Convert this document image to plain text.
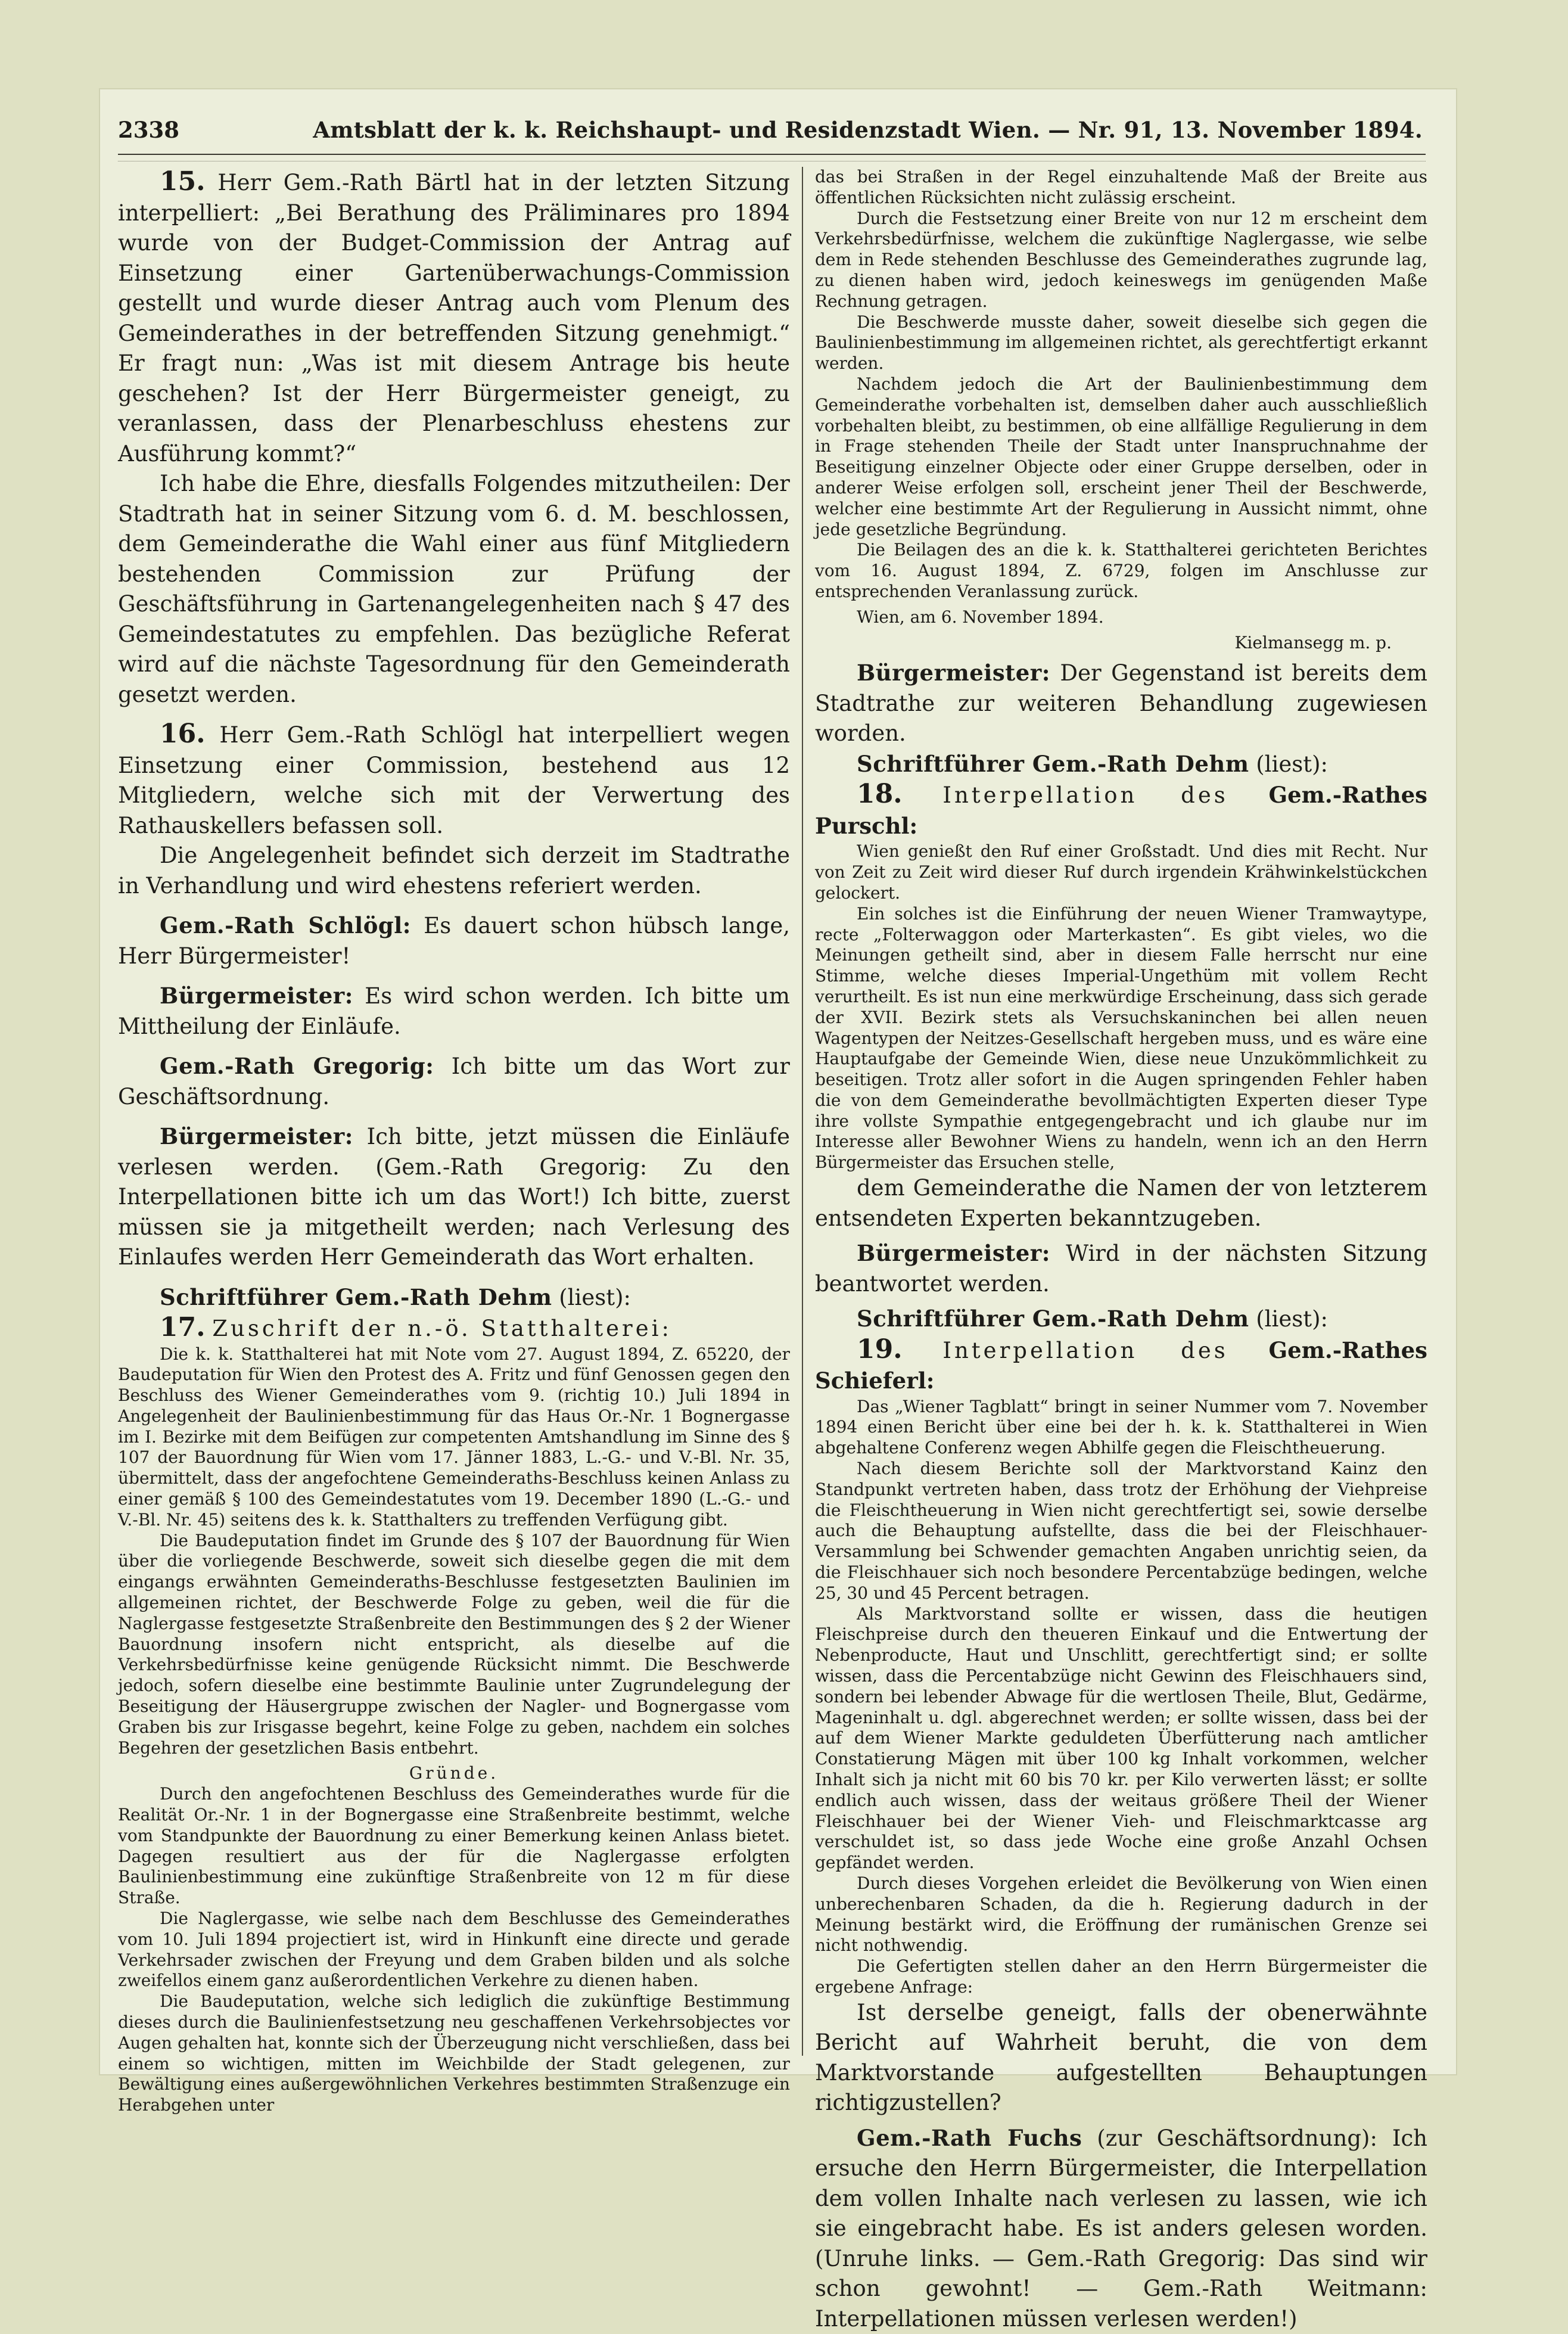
2338	Amtsblatt der k. k. Reichshaupt- und Residenzstadt Wien. — Nr. 91, 13. November 1894.

15. Herr Gem.-Rath Bärtl hat in der letzten Sitzung interpelliert: „Bei Berathung des Präliminares pro 1894 wurde von der Budget-Commission der Antrag auf Einsetzung einer Gartenüberwachungs-Commission gestellt und wurde dieser Antrag auch vom Plenum des Gemeinderathes in der betreffenden Sitzung genehmigt.“ Er fragt nun: „Was ist mit diesem Antrage bis heute geschehen? Ist der Herr Bürgermeister geneigt, zu veranlassen, dass der Plenarbeschluss ehestens zur Ausführung kommt?“

Ich habe die Ehre, diesfalls Folgendes mitzutheilen: Der Stadtrath hat in seiner Sitzung vom 6. d. M. beschlossen, dem Gemeinderathe die Wahl einer aus fünf Mitgliedern bestehenden Commission zur Prüfung der Geschäftsführung in Gartenangelegenheiten nach § 47 des Gemeindestatutes zu empfehlen. Das bezügliche Referat wird auf die nächste Tagesordnung für den Gemeinderath gesetzt werden.

16. Herr Gem.-Rath Schlögl hat interpelliert wegen Einsetzung einer Commission, bestehend aus 12 Mitgliedern, welche sich mit der Verwertung des Rathauskellers befassen soll.

Die Angelegenheit befindet sich derzeit im Stadtrathe in Verhandlung und wird ehestens referiert werden.

Gem.-Rath Schlögl: Es dauert schon hübsch lange, Herr Bürgermeister!

Bürgermeister: Es wird schon werden. Ich bitte um Mittheilung der Einläufe.

Gem.-Rath Gregorig: Ich bitte um das Wort zur Geschäftsordnung.

Bürgermeister: Ich bitte, jetzt müssen die Einläufe verlesen werden. (Gem.-Rath Gregorig: Zu den Interpellationen bitte ich um das Wort!) Ich bitte, zuerst müssen sie ja mitgetheilt werden; nach Verlesung des Einlaufes werden Herr Gemeinderath das Wort erhalten.

Schriftführer Gem.-Rath Dehm (liest):

17. Zuschrift der n.-ö. Statthalterei:

Die k. k. Statthalterei hat mit Note vom 27. August 1894, Z. 65220, der Baudeputation für Wien den Protest des A. Fritz und fünf Genossen gegen den Beschluss des Wiener Gemeinderathes vom 9. (richtig 10.) Juli 1894 in Angelegenheit der Baulinienbestimmung für das Haus Or.-Nr. 1 Bognergasse im I. Bezirke mit dem Beifügen zur competenten Amtshandlung im Sinne des § 107 der Bauordnung für Wien vom 17. Jänner 1883, L.-G.- und V.-Bl. Nr. 35, übermittelt, dass der angefochtene Gemeinderaths-Beschluss keinen Anlass zu einer gemäß § 100 des Gemeindestatutes vom 19. December 1890 (L.-G.- und V.-Bl. Nr. 45) seitens des k. k. Statthalters zu treffenden Verfügung gibt.

Die Baudeputation findet im Grunde des § 107 der Bauordnung für Wien über die vorliegende Beschwerde, soweit sich dieselbe gegen die mit dem eingangs erwähnten Gemeinderaths-Beschlusse festgesetzten Baulinien im allgemeinen richtet, der Beschwerde Folge zu geben, weil die für die Naglergasse festgesetzte Straßenbreite den Bestimmungen des § 2 der Wiener Bauordnung insofern nicht entspricht, als dieselbe auf die Verkehrsbedürfnisse keine genügende Rücksicht nimmt. Die Beschwerde jedoch, sofern dieselbe eine bestimmte Baulinie unter Zugrundelegung der Beseitigung der Häusergruppe zwischen der Nagler- und Bognergasse vom Graben bis zur Irisgasse begehrt, keine Folge zu geben, nachdem ein solches Begehren der gesetzlichen Basis entbehrt.

Gründe.

Durch den angefochtenen Beschluss des Gemeinderathes wurde für die Realität Or.-Nr. 1 in der Bognergasse eine Straßenbreite bestimmt, welche vom Standpunkte der Bauordnung zu einer Bemerkung keinen Anlass bietet. Dagegen resultiert aus der für die Naglergasse erfolgten Baulinienbestimmung eine zukünftige Straßenbreite von 12 m für diese Straße.

Die Naglergasse, wie selbe nach dem Beschlusse des Gemeinderathes vom 10. Juli 1894 projectiert ist, wird in Hinkunft eine directe und gerade Verkehrsader zwischen der Freyung und dem Graben bilden und als solche zweifellos einem ganz außerordentlichen Verkehre zu dienen haben.

Die Baudeputation, welche sich lediglich die zukünftige Bestimmung dieses durch die Baulinienfestsetzung neu geschaffenen Verkehrsobjectes vor Augen gehalten hat, konnte sich der Überzeugung nicht verschließen, dass bei einem so wichtigen, mitten im Weichbilde der Stadt gelegenen, zur Bewältigung eines außergewöhnlichen Verkehres bestimmten Straßenzuge ein Herabgehen unter

das bei Straßen in der Regel einzuhaltende Maß der Breite aus öffentlichen Rücksichten nicht zulässig erscheint.

Durch die Festsetzung einer Breite von nur 12 m erscheint dem Verkehrsbedürfnisse, welchem die zukünftige Naglergasse, wie selbe dem in Rede stehenden Beschlusse des Gemeinderathes zugrunde lag, zu dienen haben wird, jedoch keineswegs im genügenden Maße Rechnung getragen.

Die Beschwerde musste daher, soweit dieselbe sich gegen die Baulinienbestimmung im allgemeinen richtet, als gerechtfertigt erkannt werden.

Nachdem jedoch die Art der Baulinienbestimmung dem Gemeinderathe vorbehalten ist, demselben daher auch ausschließlich vorbehalten bleibt, zu bestimmen, ob eine allfällige Regulierung in dem in Frage stehenden Theile der Stadt unter Inanspruchnahme der Beseitigung einzelner Objecte oder einer Gruppe derselben, oder in anderer Weise erfolgen soll, erscheint jener Theil der Beschwerde, welcher eine bestimmte Art der Regulierung in Aussicht nimmt, ohne jede gesetzliche Begründung.

Die Beilagen des an die k. k. Statthalterei gerichteten Berichtes vom 16. August 1894, Z. 6729, folgen im Anschlusse zur entsprechenden Veranlassung zurück.

Wien, am 6. November 1894.

Kielmansegg m. p.

Bürgermeister: Der Gegenstand ist bereits dem Stadtrathe zur weiteren Behandlung zugewiesen worden.

Schriftführer Gem.-Rath Dehm (liest):

18. Interpellation des Gem.-Rathes Purschl:

Wien genießt den Ruf einer Großstadt. Und dies mit Recht. Nur von Zeit zu Zeit wird dieser Ruf durch irgendein Krähwinkelstückchen gelockert.

Ein solches ist die Einführung der neuen Wiener Tramwaytype, recte „Folterwaggon oder Marterkasten“. Es gibt vieles, wo die Meinungen getheilt sind, aber in diesem Falle herrscht nur eine Stimme, welche dieses Imperial-Ungethüm mit vollem Recht verurtheilt. Es ist nun eine merkwürdige Erscheinung, dass sich gerade der XVII. Bezirk stets als Versuchskaninchen bei allen neuen Wagentypen der Neitzes-Gesellschaft hergeben muss, und es wäre eine Hauptaufgabe der Gemeinde Wien, diese neue Unzukömmlichkeit zu beseitigen. Trotz aller sofort in die Augen springenden Fehler haben die von dem Gemeinderathe bevollmächtigten Experten dieser Type ihre vollste Sympathie entgegengebracht und ich glaube nur im Interesse aller Bewohner Wiens zu handeln, wenn ich an den Herrn Bürgermeister das Ersuchen stelle,

dem Gemeinderathe die Namen der von letzterem entsendeten Experten bekanntzugeben.

Bürgermeister: Wird in der nächsten Sitzung beantwortet werden.

Schriftführer Gem.-Rath Dehm (liest):

19. Interpellation des Gem.-Rathes Schieferl:

Das „Wiener Tagblatt“ bringt in seiner Nummer vom 7. November 1894 einen Bericht über eine bei der h. k. k. Statthalterei in Wien abgehaltene Conferenz wegen Abhilfe gegen die Fleischtheuerung.

Nach diesem Berichte soll der Marktvorstand Kainz den Standpunkt vertreten haben, dass trotz der Erhöhung der Viehpreise die Fleischtheuerung in Wien nicht gerechtfertigt sei, sowie derselbe auch die Behauptung aufstellte, dass die bei der Fleischhauer-Versammlung bei Schwender gemachten Angaben unrichtig seien, da die Fleischhauer sich noch besondere Percentabzüge bedingen, welche 25, 30 und 45 Percent betragen.

Als Marktvorstand sollte er wissen, dass die heutigen Fleischpreise durch den theueren Einkauf und die Entwertung der Nebenproducte, Haut und Unschlitt, gerechtfertigt sind; er sollte wissen, dass die Percentabzüge nicht Gewinn des Fleischhauers sind, sondern bei lebender Abwage für die wertlosen Theile, Blut, Gedärme, Mageninhalt u. dgl. abgerechnet werden; er sollte wissen, dass bei der auf dem Wiener Markte geduldeten Überfütterung nach amtlicher Constatierung Mägen mit über 100 kg Inhalt vorkommen, welcher Inhalt sich ja nicht mit 60 bis 70 kr. per Kilo verwerten lässt; er sollte endlich auch wissen, dass der weitaus größere Theil der Wiener Fleischhauer bei der Wiener Vieh- und Fleischmarktcasse arg verschuldet ist, so dass jede Woche eine große Anzahl Ochsen gepfändet werden.

Durch dieses Vorgehen erleidet die Bevölkerung von Wien einen unberechenbaren Schaden, da die h. Regierung dadurch in der Meinung bestärkt wird, die Eröffnung der rumänischen Grenze sei nicht nothwendig.

Die Gefertigten stellen daher an den Herrn Bürgermeister die ergebene Anfrage:

Ist derselbe geneigt, falls der obenerwähnte Bericht auf Wahrheit beruht, die von dem Marktvorstande aufgestellten Behauptungen richtigzustellen?

Gem.-Rath Fuchs (zur Geschäftsordnung): Ich ersuche den Herrn Bürgermeister, die Interpellation dem vollen Inhalte nach verlesen zu lassen, wie ich sie eingebracht habe. Es ist anders gelesen worden. (Unruhe links. — Gem.-Rath Gregorig: Das sind wir schon gewohnt! — Gem.-Rath Weitmann: Interpellationen müssen verlesen werden!)
